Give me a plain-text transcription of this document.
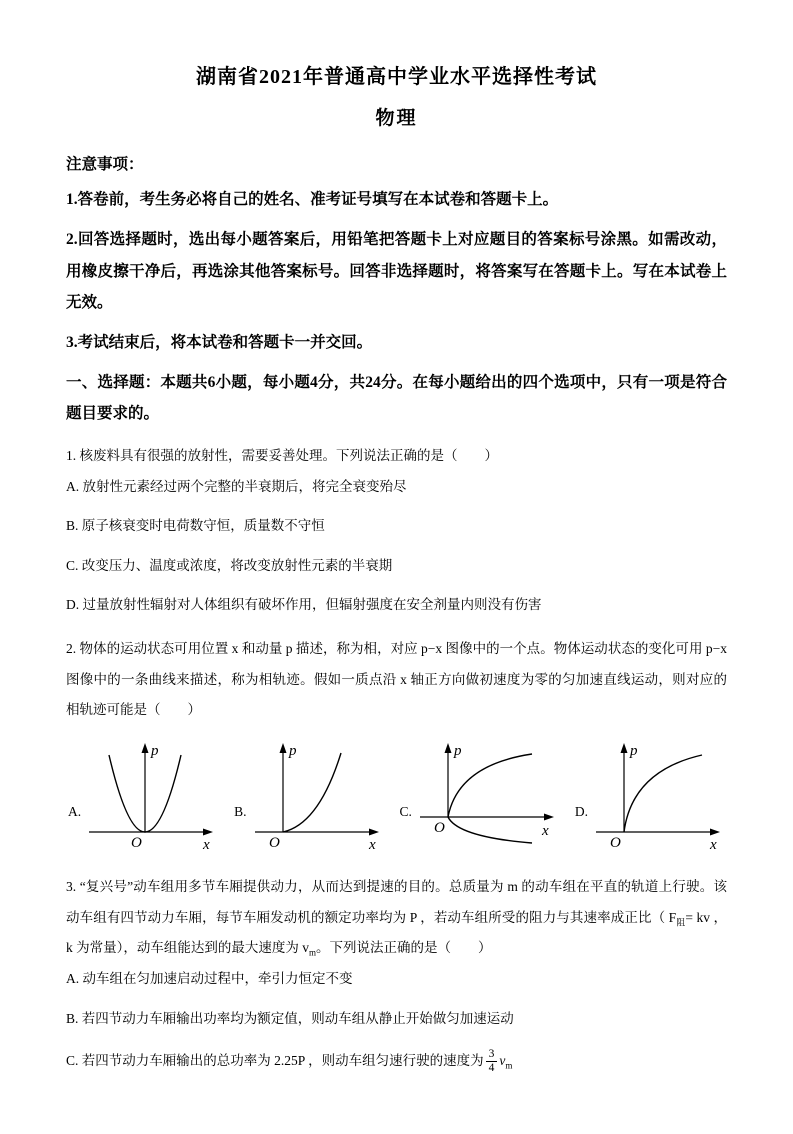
湖南省2021年普通高中学业水平选择性考试
物理

注意事项：

1.答卷前，考生务必将自己的姓名、准考证号填写在本试卷和答题卡上。

2.回答选择题时，选出每小题答案后，用铅笔把答题卡上对应题目的答案标号涂黑。如需改动，用橡皮擦干净后，再选涂其他答案标号。回答非选择题时，将答案写在答题卡上。写在本试卷上无效。

3.考试结束后，将本试卷和答题卡一并交回。

一、选择题：本题共6小题，每小题4分，共24分。在每小题给出的四个选项中，只有一项是符合题目要求的。

1. 核废料具有很强的放射性，需要妥善处理。下列说法正确的是（　　）

A. 放射性元素经过两个完整的半衰期后，将完全衰变殆尽

B. 原子核衰变时电荷数守恒，质量数不守恒

C. 改变压力、温度或浓度，将改变放射性元素的半衰期

D. 过量放射性辐射对人体组织有破坏作用，但辐射强度在安全剂量内则没有伤害

2. 物体的运动状态可用位置 x 和动量 p 描述，称为相，对应 p−x 图像中的一个点。物体运动状态的变化可用 p−x 图像中的一条曲线来描述，称为相轨迹。假如一质点沿 x 轴正方向做初速度为零的匀加速直线运动，则对应的相轨迹可能是（　　）

A.
p
x
O
B.
p
x
O
C.
p
x
O
D.
p
x
O

3. “复兴号”动车组用多节车厢提供动力，从而达到提速的目的。总质量为 m 的动车组在平直的轨道上行驶。该动车组有四节动力车厢，每节车厢发动机的额定功率均为 P ，若动车组所受的阻力与其速率成正比（ $F_阻=$ kv ， k 为常量），动车组能达到的最大速度为 $v_m$。下列说法正确的是（　　）

A. 动车组在匀加速启动过程中，牵引力恒定不变

B. 若四节动力车厢输出功率均为额定值，则动车组从静止开始做匀加速运动

C. 若四节动力车厢输出的总功率为 2.25P ，则动车组匀速行驶的速度为 $\frac{3}{4} v_m$
